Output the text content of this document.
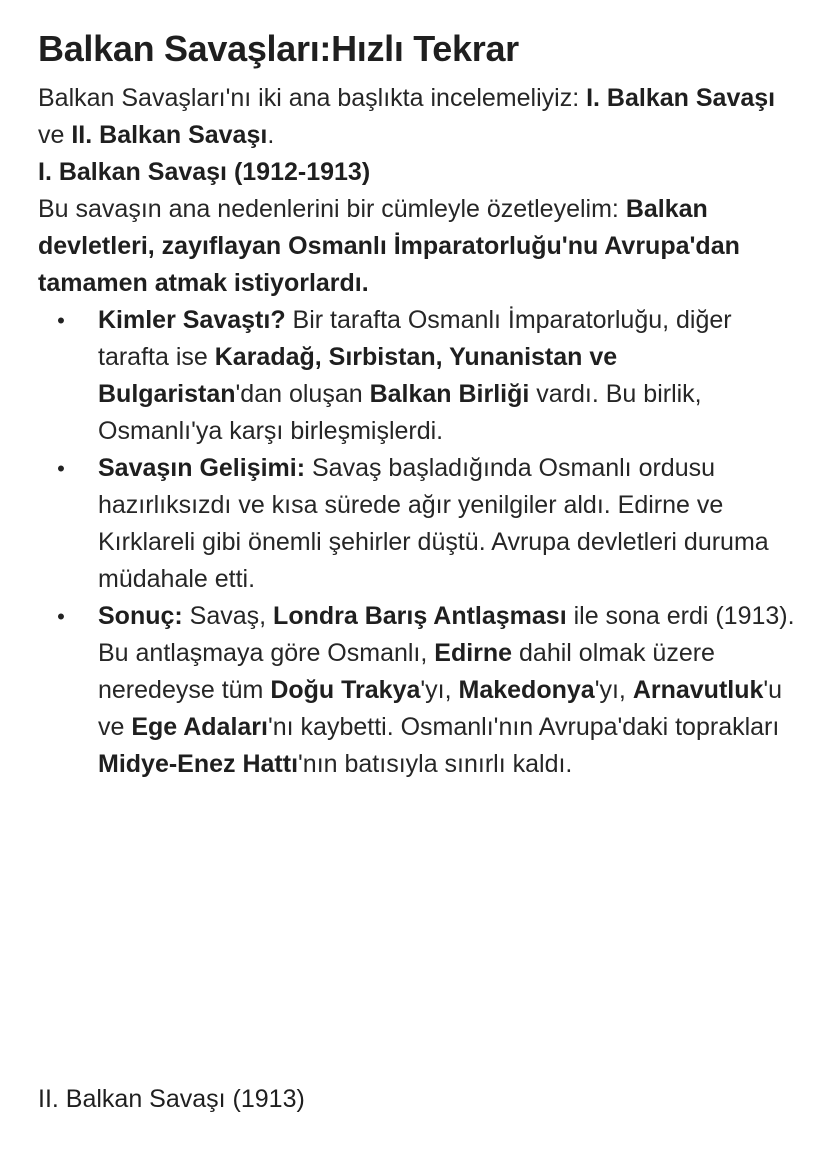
Balkan Savaşları:Hızlı Tekrar

Balkan Savaşları'nı iki ana başlıkta incelemeliyiz: I. Balkan Savaşı ve II. Balkan Savaşı.

I. Balkan Savaşı (1912-1913)

Bu savaşın ana nedenlerini bir cümleyle özetleyelim: Balkan devletleri, zayıflayan Osmanlı İmparatorluğu'nu Avrupa'dan tamamen atmak istiyorlardı.

• Kimler Savaştı? Bir tarafta Osmanlı İmparatorluğu, diğer tarafta ise Karadağ, Sırbistan, Yunanistan ve Bulgaristan'dan oluşan Balkan Birliği vardı. Bu birlik, Osmanlı'ya karşı birleşmişlerdi.
• Savaşın Gelişimi: Savaş başladığında Osmanlı ordusu hazırlıksızdı ve kısa sürede ağır yenilgiler aldı. Edirne ve Kırklareli gibi önemli şehirler düştü. Avrupa devletleri duruma müdahale etti.
• Sonuç: Savaş, Londra Barış Antlaşması ile sona erdi (1913). Bu antlaşmaya göre Osmanlı, Edirne dahil olmak üzere neredeyse tüm Doğu Trakya'yı, Makedonya'yı, Arnavutluk'u ve Ege Adaları'nı kaybetti. Osmanlı'nın Avrupa'daki toprakları Midye-Enez Hattı'nın batısıyla sınırlı kaldı.
II. Balkan Savaşı (1913)
